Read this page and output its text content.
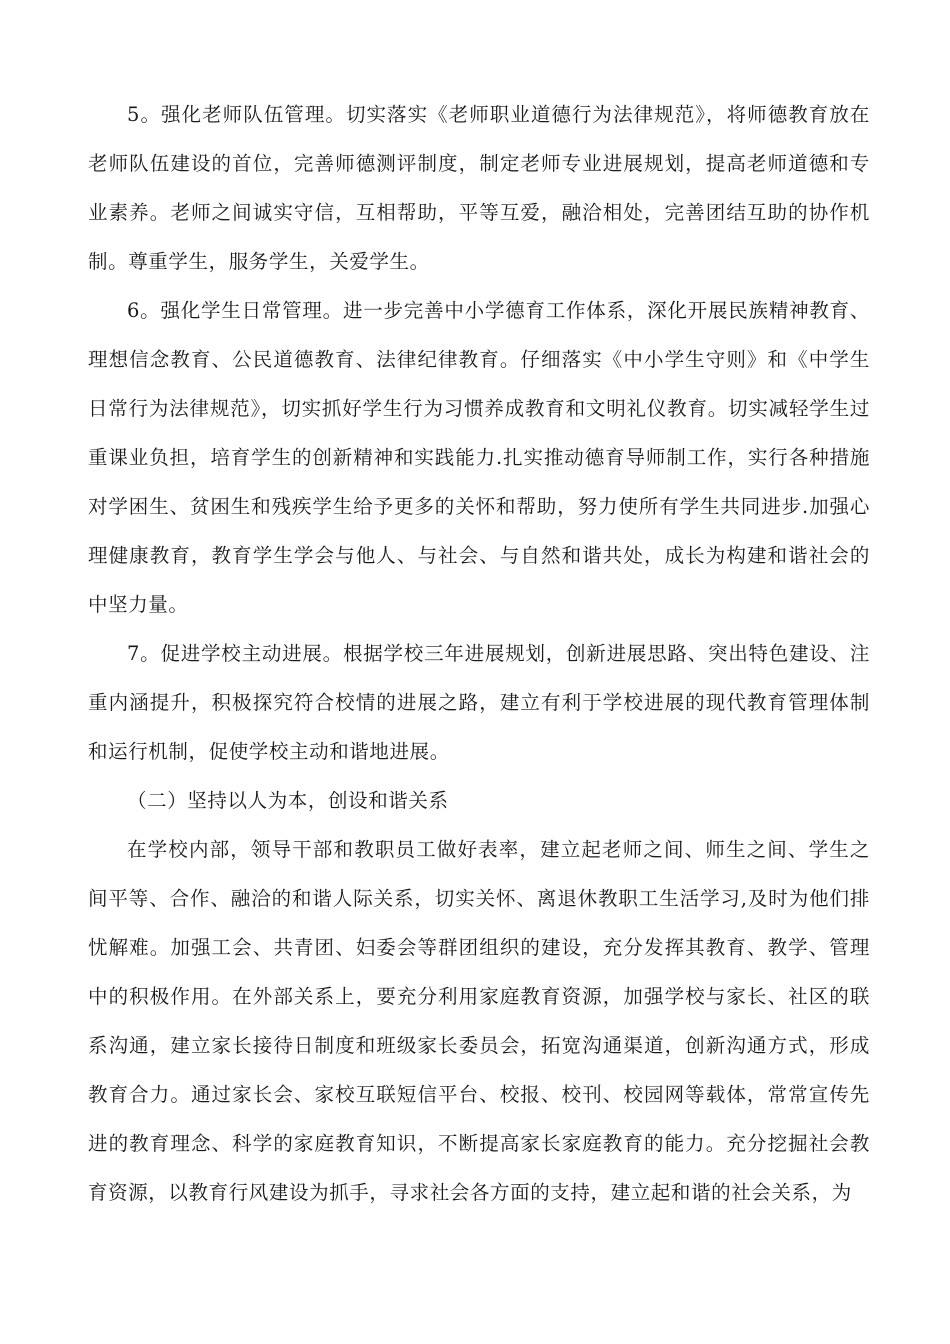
5。强化老师队伍管理。切实落实《老师职业道德行为法律规范》，将师德教育放在老师队伍建设的首位，完善师德测评制度，制定老师专业进展规划，提高老师道德和专业素养。老师之间诚实守信，互相帮助，平等互爱，融洽相处，完善团结互助的协作机制。尊重学生，服务学生，关爱学生。

6。强化学生日常管理。进一步完善中小学德育工作体系，深化开展民族精神教育、理想信念教育、公民道德教育、法律纪律教育。仔细落实《中小学生守则》和《中学生日常行为法律规范》，切实抓好学生行为习惯养成教育和文明礼仪教育。切实减轻学生过重课业负担，培育学生的创新精神和实践能力.扎实推动德育导师制工作，实行各种措施对学困生、贫困生和残疾学生给予更多的关怀和帮助，努力使所有学生共同进步.加强心理健康教育，教育学生学会与他人、与社会、与自然和谐共处，成长为构建和谐社会的中坚力量。

7。促进学校主动进展。根据学校三年进展规划，创新进展思路、突出特色建设、注重内涵提升，积极探究符合校情的进展之路，建立有利于学校进展的现代教育管理体制和运行机制，促使学校主动和谐地进展。

（二）坚持以人为本，创设和谐关系

在学校内部，领导干部和教职员工做好表率，建立起老师之间、师生之间、学生之间平等、合作、融洽的和谐人际关系，切实关怀、离退休教职工生活学习,及时为他们排忧解难。加强工会、共青团、妇委会等群团组织的建设，充分发挥其教育、教学、管理中的积极作用。在外部关系上，要充分利用家庭教育资源，加强学校与家长、社区的联系沟通，建立家长接待日制度和班级家长委员会，拓宽沟通渠道，创新沟通方式，形成教育合力。通过家长会、家校互联短信平台、校报、校刊、校园网等载体，常常宣传先进的教育理念、科学的家庭教育知识，不断提高家长家庭教育的能力。充分挖掘社会教育资源，以教育行风建设为抓手，寻求社会各方面的支持，建立起和谐的社会关系，为
